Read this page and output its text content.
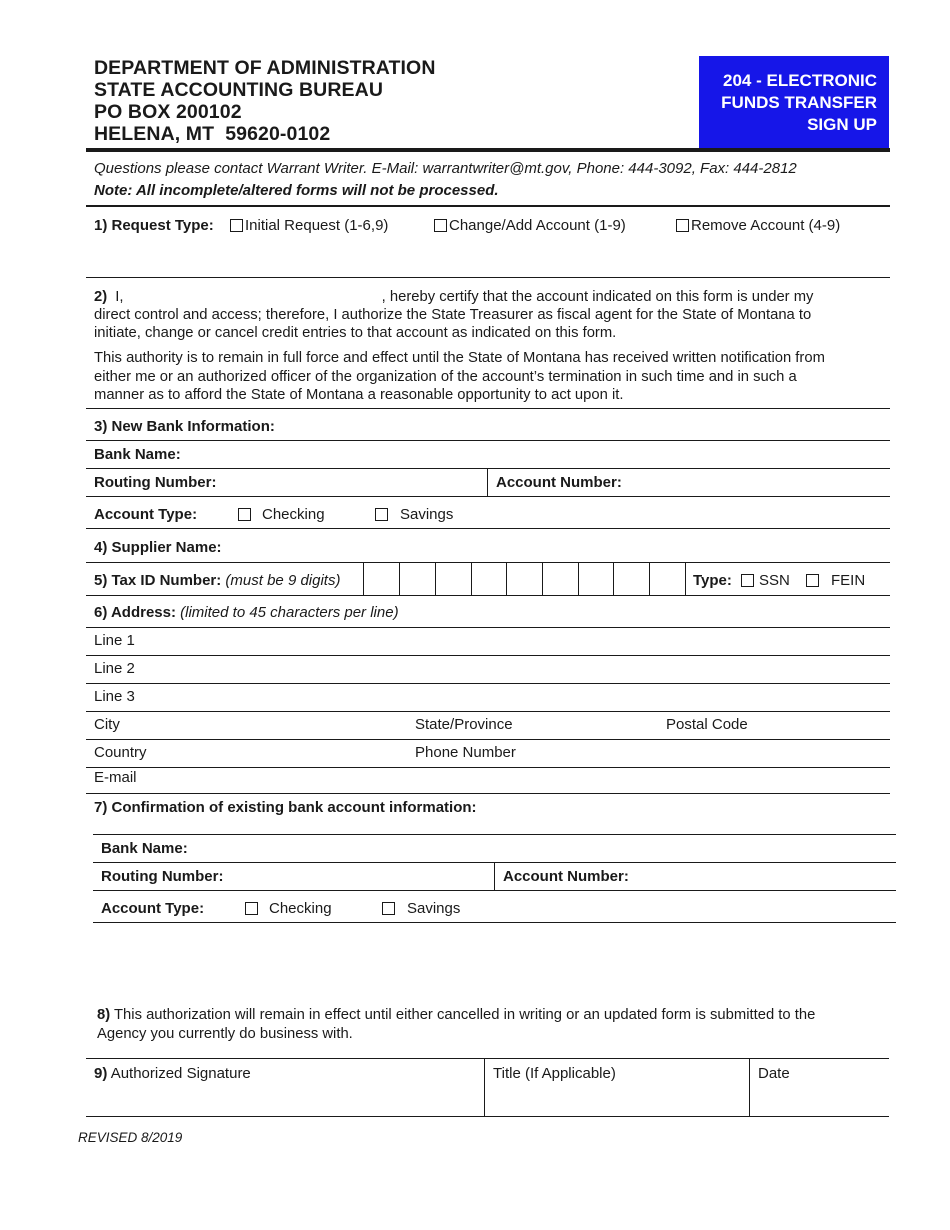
DEPARTMENT OF ADMINISTRATION
STATE ACCOUNTING BUREAU
PO BOX 200102
HELENA, MT  59620-0102
204 - ELECTRONIC
FUNDS TRANSFER
SIGN UP
Questions please contact Warrant Writer. E-Mail: warrantwriter@mt.gov, Phone: 444-3092, Fax: 444-2812
Note: All incomplete/altered forms will not be processed.
1) Request Type:	Initial Request (1-6,9)	Change/Add Account (1-9)	Remove Account (4-9)
2) I,	, hereby certify that the account indicated on this form is under my
direct control and access; therefore, I authorize the State Treasurer as fiscal agent for the State of Montana to
initiate, change or cancel credit entries to that account as indicated on this form.
This authority is to remain in full force and effect until the State of Montana has received written notification from
either me or an authorized officer of the organization of the account’s termination in such time and in such a
manner as to afford the State of Montana a reasonable opportunity to act upon it.
3) New Bank Information:
Bank Name:
Routing Number:	Account Number:
Account Type:	Checking	Savings
4) Supplier Name:
5) Tax ID Number: (must be 9 digits)	Type:	SSN	FEIN
6) Address: (limited to 45 characters per line)
Line 1
Line 2
Line 3
City	State/Province	Postal Code
Country	Phone Number
E-mail
7) Confirmation of existing bank account information:
Bank Name:
Routing Number:	Account Number:
Account Type:	Checking	Savings
8) This authorization will remain in effect until either cancelled in writing or an updated form is submitted to the
Agency you currently do business with.
9) Authorized Signature	Title (If Applicable)	Date
REVISED 8/2019
